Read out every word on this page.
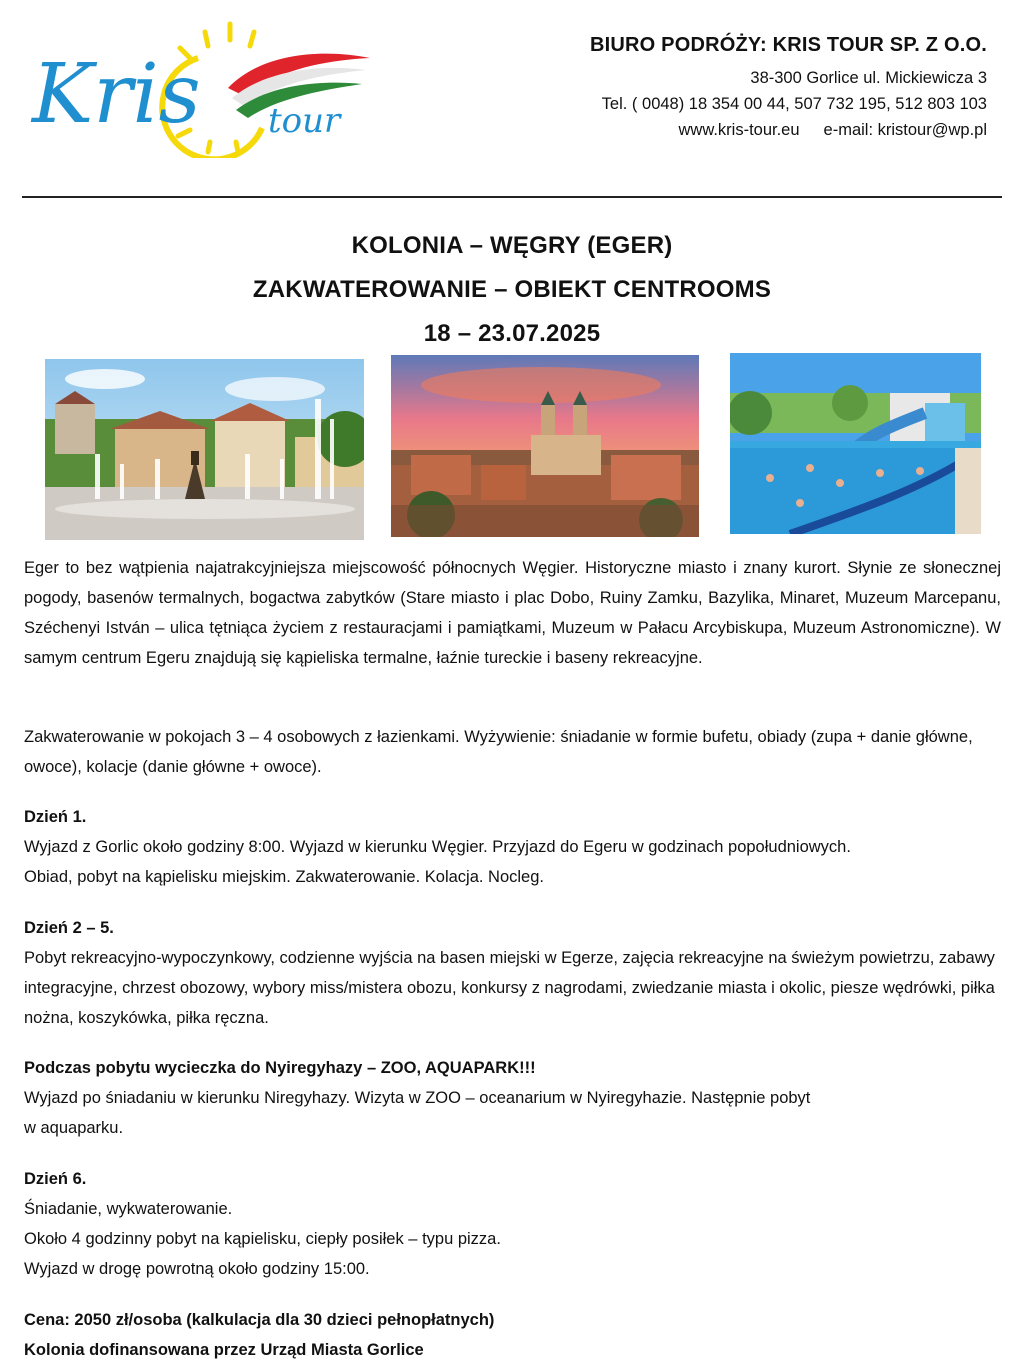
Kris tour
BIURO PODRÓŻY: KRIS TOUR SP. Z O.O.
38-300 Gorlice ul. Mickiewicza 3
Tel. ( 0048) 18 354 00 44, 507 732 195, 512 803 103
www.kris-tour.eu e-mail: kristour@wp.pl
KOLONIA – WĘGRY (EGER)
ZAKWATEROWANIE – OBIEKT CENTROOMS
18 – 23.07.2025
Eger to bez wątpienia najatrakcyjniejsza miejscowość północnych Węgier. Historyczne miasto i znany kurort. Słynie ze słonecznej pogody, basenów termalnych, bogactwa zabytków (Stare miasto i plac Dobo, Ruiny Zamku, Bazylika, Minaret, Muzeum Marcepanu, Széchenyi István – ulica tętniąca życiem z restauracjami i pamiątkami, Muzeum w Pałacu Arcybiskupa, Muzeum Astronomiczne). W samym centrum Egeru znajdują się kąpieliska termalne, łaźnie tureckie i baseny rekreacyjne.
Zakwaterowanie w pokojach 3 – 4 osobowych z łazienkami. Wyżywienie: śniadanie w formie bufetu, obiady (zupa + danie główne, owoce), kolacje (danie główne + owoce).
Dzień 1.
Wyjazd z Gorlic około godziny 8:00. Wyjazd w kierunku Węgier. Przyjazd do Egeru w godzinach popołudniowych.
Obiad, pobyt na kąpielisku miejskim. Zakwaterowanie. Kolacja. Nocleg.
Dzień 2 – 5.
Pobyt rekreacyjno-wypoczynkowy, codzienne wyjścia na basen miejski w Egerze, zajęcia rekreacyjne na świeżym powietrzu, zabawy integracyjne, chrzest obozowy, wybory miss/mistera obozu, konkursy z nagrodami, zwiedzanie miasta i okolic, piesze wędrówki, piłka nożna, koszykówka, piłka ręczna.
Podczas pobytu wycieczka do Nyiregyhazy – ZOO, AQUAPARK!!!
Wyjazd po śniadaniu w kierunku Niregyhazy. Wizyta w ZOO – oceanarium w Nyiregyhazie. Następnie pobyt
w aquaparku.
Dzień 6.
Śniadanie, wykwaterowanie.
Około 4 godzinny pobyt na kąpielisku, ciepły posiłek – typu pizza.
Wyjazd w drogę powrotną około godziny 15:00.
Cena: 2050 zł/osoba (kalkulacja dla 30 dzieci pełnopłatnych)
Kolonia dofinansowana przez Urząd Miasta Gorlice
